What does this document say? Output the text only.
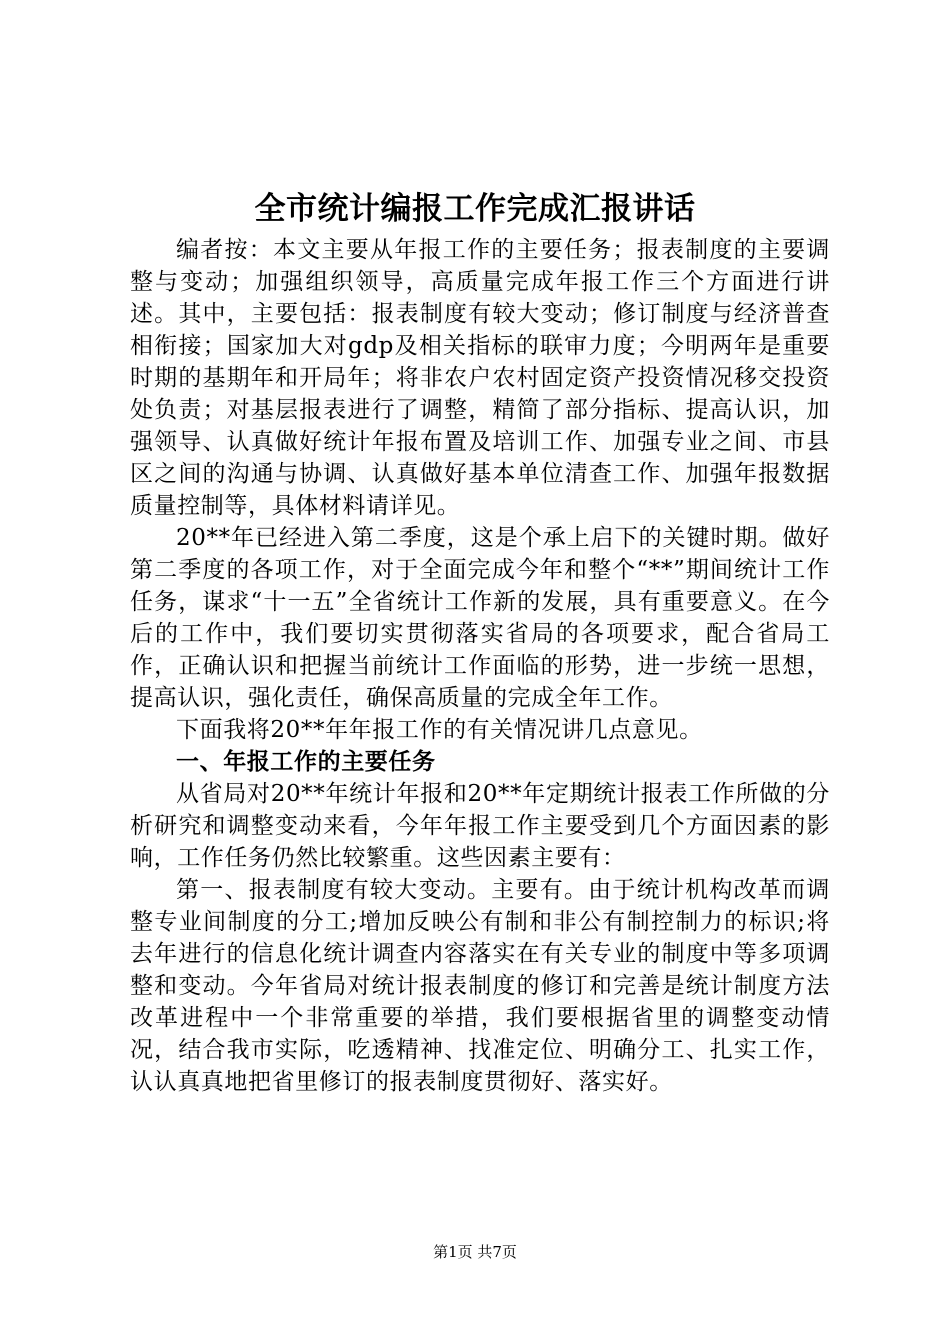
全市统计编报工作完成汇报讲话

编者按：本文主要从年报工作的主要任务；报表制度的主要调整与变动；加强组织领导，高质量完成年报工作三个方面进行讲述。其中，主要包括：报表制度有较大变动；修订制度与经济普查相衔接；国家加大对gdp及相关指标的联审力度；今明两年是重要时期的基期年和开局年；将非农户农村固定资产投资情况移交投资处负责；对基层报表进行了调整，精简了部分指标、提高认识，加强领导、认真做好统计年报布置及培训工作、加强专业之间、市县区之间的沟通与协调、认真做好基本单位清查工作、加强年报数据质量控制等，具体材料请详见。

20**年已经进入第二季度，这是个承上启下的关键时期。做好第二季度的各项工作，对于全面完成今年和整个“**”期间统计工作任务，谋求“十一五”全省统计工作新的发展，具有重要意义。在今后的工作中，我们要切实贯彻落实省局的各项要求，配合省局工作，正确认识和把握当前统计工作面临的形势，进一步统一思想，提高认识，强化责任，确保高质量的完成全年工作。

下面我将20**年年报工作的有关情况讲几点意见。

一、年报工作的主要任务

从省局对20**年统计年报和20**年定期统计报表工作所做的分析研究和调整变动来看，今年年报工作主要受到几个方面因素的影响，工作任务仍然比较繁重。这些因素主要有：

第一、报表制度有较大变动。主要有。由于统计机构改革而调整专业间制度的分工;增加反映公有制和非公有制控制力的标识;将去年进行的信息化统计调查内容落实在有关专业的制度中等多项调整和变动。今年省局对统计报表制度的修订和完善是统计制度方法改革进程中一个非常重要的举措，我们要根据省里的调整变动情况，结合我市实际，吃透精神、找准定位、明确分工、扎实工作，认认真真地把省里修订的报表制度贯彻好、落实好。

第1页 共7页
